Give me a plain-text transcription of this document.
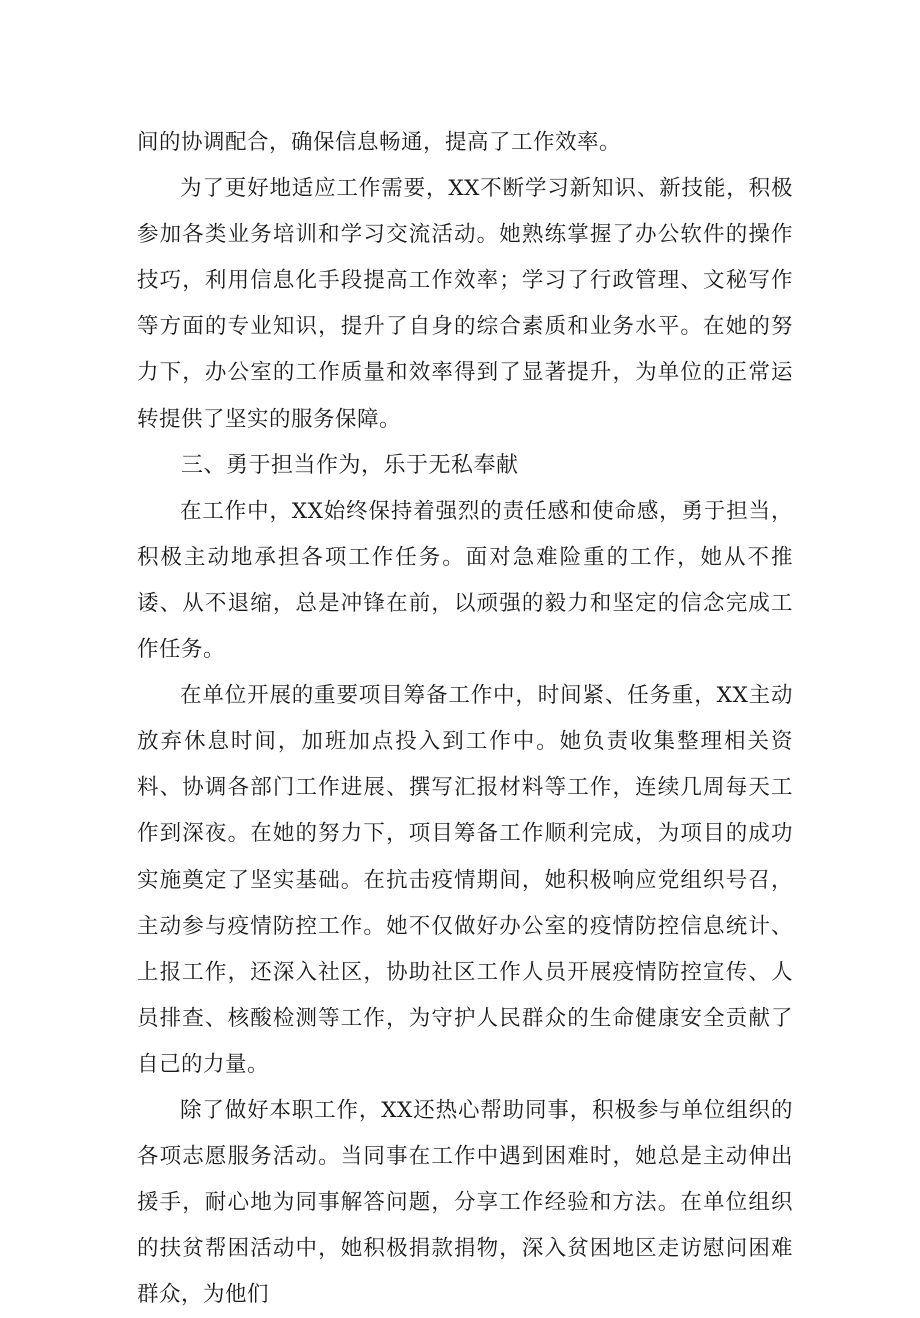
间的协调配合，确保信息畅通，提高了工作效率。

为了更好地适应工作需要，XX不断学习新知识、新技能，积极参加各类业务培训和学习交流活动。她熟练掌握了办公软件的操作技巧，利用信息化手段提高工作效率；学习了行政管理、文秘写作等方面的专业知识，提升了自身的综合素质和业务水平。在她的努力下，办公室的工作质量和效率得到了显著提升，为单位的正常运转提供了坚实的服务保障。

三、勇于担当作为，乐于无私奉献

在工作中，XX始终保持着强烈的责任感和使命感，勇于担当，积极主动地承担各项工作任务。面对急难险重的工作，她从不推诿、从不退缩，总是冲锋在前，以顽强的毅力和坚定的信念完成工作任务。

在单位开展的重要项目筹备工作中，时间紧、任务重，XX主动放弃休息时间，加班加点投入到工作中。她负责收集整理相关资料、协调各部门工作进展、撰写汇报材料等工作，连续几周每天工作到深夜。在她的努力下，项目筹备工作顺利完成，为项目的成功实施奠定了坚实基础。在抗击疫情期间，她积极响应党组织号召，主动参与疫情防控工作。她不仅做好办公室的疫情防控信息统计、上报工作，还深入社区，协助社区工作人员开展疫情防控宣传、人员排查、核酸检测等工作，为守护人民群众的生命健康安全贡献了自己的力量。

除了做好本职工作，XX还热心帮助同事，积极参与单位组织的各项志愿服务活动。当同事在工作中遇到困难时，她总是主动伸出援手，耐心地为同事解答问题，分享工作经验和方法。在单位组织的扶贫帮困活动中，她积极捐款捐物，深入贫困地区走访慰问困难群众，为他们
